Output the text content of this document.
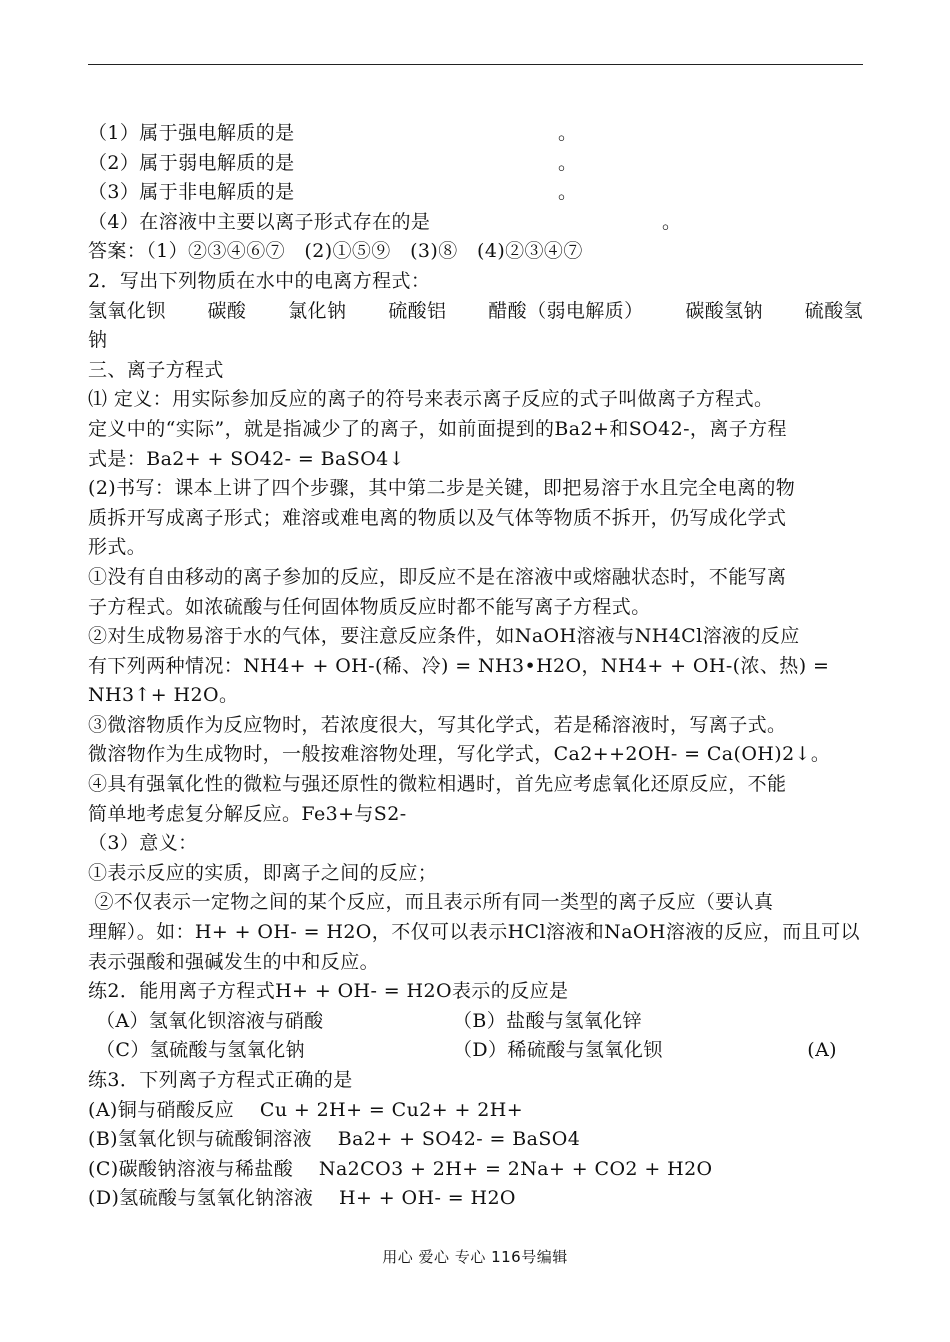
（1）属于强电解质的是	。
（2）属于弱电解质的是	。
（3）属于非电解质的是	。
（4）在溶液中主要以离子形式存在的是	。
答案：（1）②③④⑥⑦　(2)①⑤⑨　(3)⑧　(4)②③④⑦
2．写出下列物质在水中的电离方程式：
氢氧化钡 碳酸 氯化钠 硫酸铝 醋酸（弱电解质） 碳酸氢钠 硫酸氢
钠
三、离子方程式
⑴ 定义：用实际参加反应的离子的符号来表示离子反应的式子叫做离子方程式。
定义中的“实际”，就是指减少了的离子，如前面提到的Ba2+和SO42-，离子方程
式是：Ba2+ + SO42- = BaSO4↓
(2)书写：课本上讲了四个步骤，其中第二步是关键，即把易溶于水且完全电离的物
质拆开写成离子形式；难溶或难电离的物质以及气体等物质不拆开，仍写成化学式
形式。
①没有自由移动的离子参加的反应，即反应不是在溶液中或熔融状态时，不能写离
子方程式。如浓硫酸与任何固体物质反应时都不能写离子方程式。
②对生成物易溶于水的气体，要注意反应条件，如NaOH溶液与NH4Cl溶液的反应
有下列两种情况：NH4+ + OH-(稀、冷) = NH3•H2O，NH4+ + OH-(浓、热) =
NH3↑+ H2O。
③微溶物质作为反应物时，若浓度很大，写其化学式，若是稀溶液时，写离子式。
微溶物作为生成物时，一般按难溶物处理，写化学式，Ca2++2OH- = Ca(OH)2↓。
④具有强氧化性的微粒与强还原性的微粒相遇时，首先应考虑氧化还原反应，不能
简单地考虑复分解反应。Fe3+与S2-
（3）意义：
①表示反应的实质，即离子之间的反应；
②不仅表示一定物之间的某个反应，而且表示所有同一类型的离子反应（要认真
理解）。如：H+ + OH- = H2O，不仅可以表示HCl溶液和NaOH溶液的反应，而且可以
表示强酸和强碱发生的中和反应。
练2．能用离子方程式H+ + OH- = H2O表示的反应是
（A）氢氧化钡溶液与硝酸	（B）盐酸与氢氧化锌
（C）氢硫酸与氢氧化钠	（D）稀硫酸与氢氧化钡	(A)
练3．下列离子方程式正确的是
(A)铜与硝酸反应    Cu + 2H+ = Cu2+ + 2H+
(B)氢氧化钡与硫酸铜溶液    Ba2+ + SO42- = BaSO4
(C)碳酸钠溶液与稀盐酸    Na2CO3 + 2H+ = 2Na+ + CO2 + H2O
(D)氢硫酸与氢氧化钠溶液    H+ + OH- = H2O
用心 爱心 专心 116号编辑
